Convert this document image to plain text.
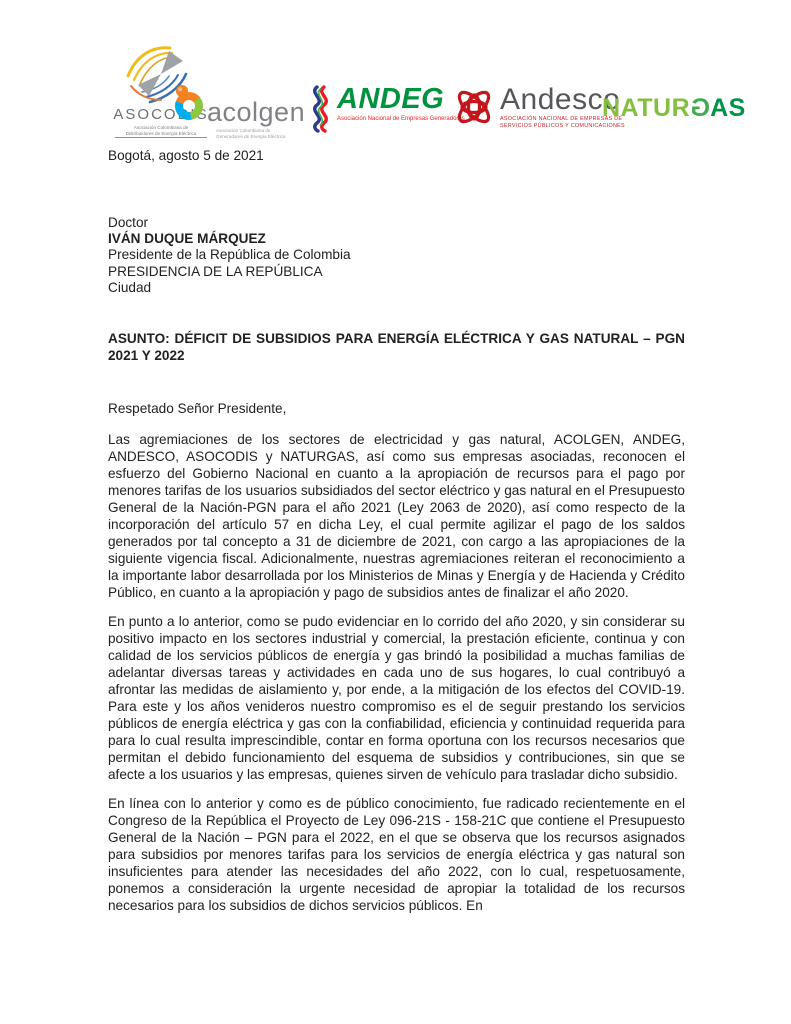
ASOCODIS
Asociación Colombiana de
Distribuidores de Energía Eléctrica
acolgen
Asociación Colombiana de
Generadores de Energía Eléctrica
ANDEG
Asociación Nacional de Empresas Generadoras
Andesco
ASOCIACIÓN NACIONAL DE EMPRESAS DE
SERVICIOS PÚBLICOS Y COMUNICACIONES
NATURGAS
Bogotá, agosto 5 de 2021
Doctor
IVÁN DUQUE MÁRQUEZ
Presidente de la República de Colombia
PRESIDENCIA DE LA REPÚBLICA
Ciudad

ASUNTO: DÉFICIT DE SUBSIDIOS PARA ENERGÍA ELÉCTRICA Y GAS NATURAL – PGN 2021 Y 2022

Respetado Señor Presidente,

Las agremiaciones de los sectores de electricidad y gas natural, ACOLGEN, ANDEG, ANDESCO, ASOCODIS y NATURGAS, así como sus empresas asociadas, reconocen el esfuerzo del Gobierno Nacional en cuanto a la apropiación de recursos para el pago por menores tarifas de los usuarios subsidiados del sector eléctrico y gas natural en el Presupuesto General de la Nación-PGN para el año 2021 (Ley 2063 de 2020), así como respecto de la incorporación del artículo 57 en dicha Ley, el cual permite agilizar el pago de los saldos generados por tal concepto a 31 de diciembre de 2021, con cargo a las apropiaciones de la siguiente vigencia fiscal. Adicionalmente, nuestras agremiaciones reiteran el reconocimiento a la importante labor desarrollada por los Ministerios de Minas y Energía y de Hacienda y Crédito Público, en cuanto a la apropiación y pago de subsidios antes de finalizar el año 2020.

En punto a lo anterior, como se pudo evidenciar en lo corrido del año 2020, y sin considerar su positivo impacto en los sectores industrial y comercial, la prestación eficiente, continua y con calidad de los servicios públicos de energía y gas brindó la posibilidad a muchas familias de adelantar diversas tareas y actividades en cada uno de sus hogares, lo cual contribuyó a afrontar las medidas de aislamiento y, por ende, a la mitigación de los efectos del COVID-19. Para este y los años venideros nuestro compromiso es el de seguir prestando los servicios públicos de energía eléctrica y gas con la confiabilidad, eficiencia y continuidad requerida para para lo cual resulta imprescindible, contar en forma oportuna con los recursos necesarios que permitan el debido funcionamiento del esquema de subsidios y contribuciones, sin que se afecte a los usuarios y las empresas, quienes sirven de vehículo para trasladar dicho subsidio.

En línea con lo anterior y como es de público conocimiento, fue radicado recientemente en el Congreso de la República el Proyecto de Ley 096-21S - 158-21C que contiene el Presupuesto General de la Nación – PGN para el 2022, en el que se observa que los recursos asignados para subsidios por menores tarifas para los servicios de energía eléctrica y gas natural son insuficientes para atender las necesidades del año 2022, con lo cual, respetuosamente, ponemos a consideración la urgente necesidad de apropiar la totalidad de los recursos necesarios para los subsidios de dichos servicios públicos. En
